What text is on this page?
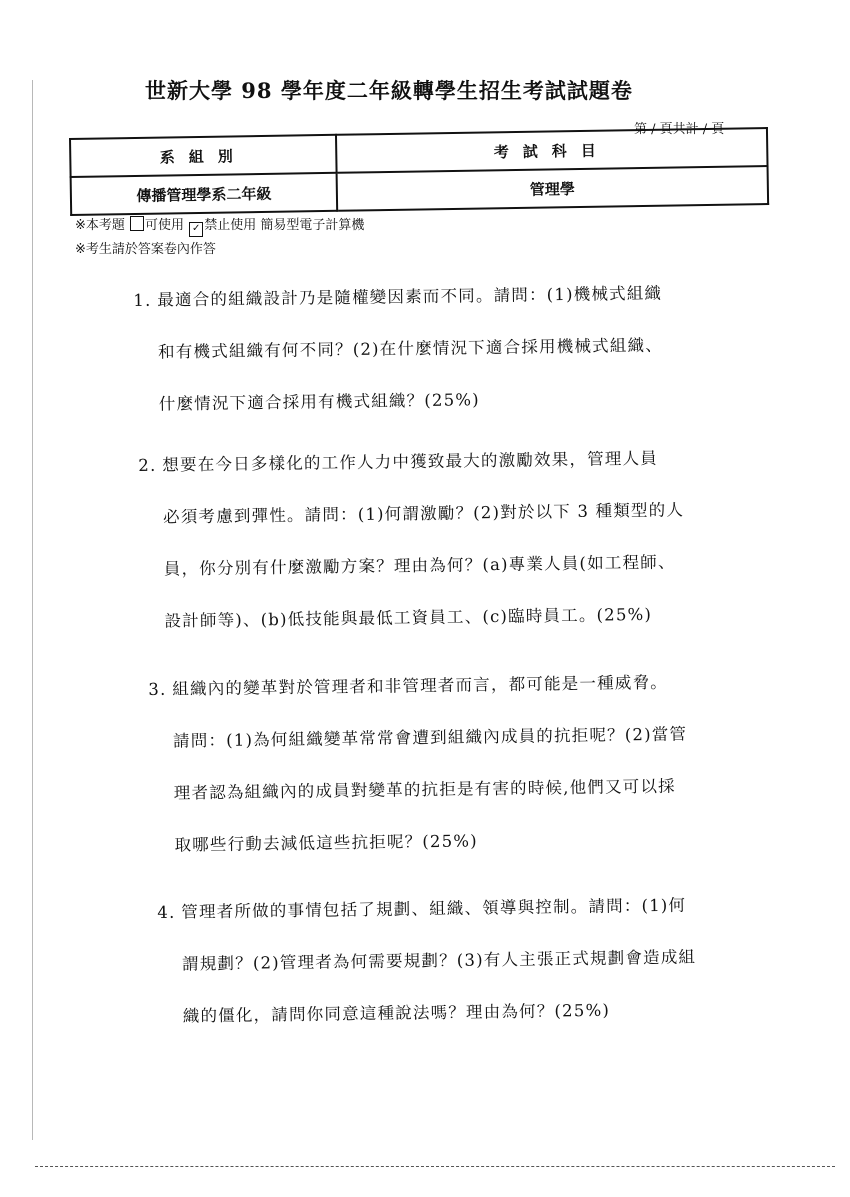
世新大學 98 學年度二年級轉學生招生考試試題卷
第 / 頁共計 / 頁
系組別	考試科目
傳播管理學系二年級	管理學
※本考題 可使用 ✓ 禁止使用 簡易型電子計算機
※考生請於答案卷內作答
1. 最適合的組織設計乃是隨權變因素而不同。請問：(1)機械式組織
和有機式組織有何不同？(2)在什麼情況下適合採用機械式組織、
什麼情況下適合採用有機式組織？(25%)
2. 想要在今日多樣化的工作人力中獲致最大的激勵效果，管理人員
必須考慮到彈性。請問：(1)何謂激勵？(2)對於以下 3 種類型的人
員，你分別有什麼激勵方案？理由為何？(a)專業人員(如工程師、
設計師等)、(b)低技能與最低工資員工、(c)臨時員工。(25%)
3. 組織內的變革對於管理者和非管理者而言，都可能是一種威脅。
請問：(1)為何組織變革常常會遭到組織內成員的抗拒呢？(2)當管
理者認為組織內的成員對變革的抗拒是有害的時候,他們又可以採
取哪些行動去減低這些抗拒呢？(25%)
4. 管理者所做的事情包括了規劃、組織、領導與控制。請問：(1)何
謂規劃？(2)管理者為何需要規劃？(3)有人主張正式規劃會造成組
織的僵化，請問你同意這種說法嗎？理由為何？(25%)
